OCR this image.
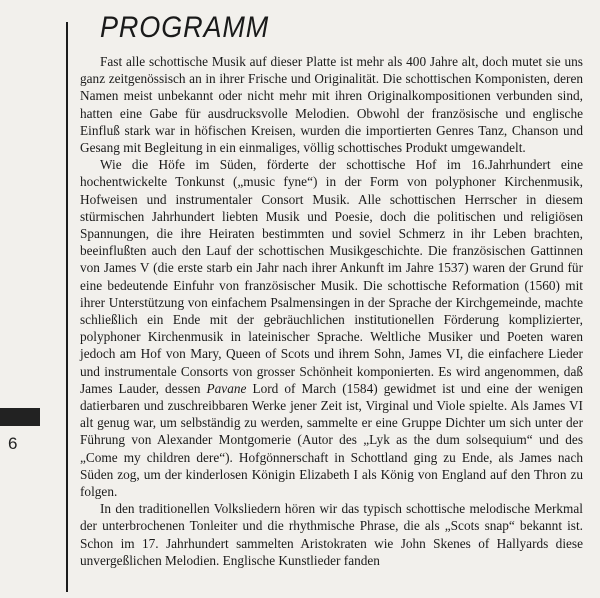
6
PROGRAMM

Fast alle schottische Musik auf dieser Platte ist mehr als 400 Jahre alt, doch mutet sie uns ganz zeitgenössisch an in ihrer Frische und Originalität. Die schottischen Komponisten, deren Namen meist unbekannt oder nicht mehr mit ihren Originalkompositionen verbunden sind, hatten eine Gabe für ausdrucksvolle Melodien. Obwohl der französische und englische Einfluß stark war in höfischen Kreisen, wurden die importierten Genres Tanz, Chanson und Gesang mit Begleitung in ein einmaliges, völlig schottisches Produkt umgewandelt.

Wie die Höfe im Süden, förderte der schottische Hof im 16.Jahrhundert eine hochentwickelte Tonkunst („music fyne“) in der Form von polyphoner Kirchenmusik, Hofweisen und instrumentaler Consort Musik. Alle schottischen Herrscher in diesem stürmischen Jahrhundert liebten Musik und Poesie, doch die politischen und religiösen Spannungen, die ihre Heiraten bestimmten und soviel Schmerz in ihr Leben brachten, beeinflußten auch den Lauf der schottischen Musikgeschichte. Die französischen Gattinnen von James V (die erste starb ein Jahr nach ihrer Ankunft im Jahre 1537) waren der Grund für eine bedeutende Einfuhr von französischer Musik. Die schottische Reformation (1560) mit ihrer Unterstützung von einfachem Psalmensingen in der Sprache der Kirchgemeinde, machte schließlich ein Ende mit der gebräuchlichen institutionellen Förderung komplizierter, polyphoner Kirchenmusik in lateinischer Sprache. Weltliche Musiker und Poeten waren jedoch am Hof von Mary, Queen of Scots und ihrem Sohn, James VI, die einfachere Lieder und instrumentale Consorts von grosser Schönheit komponierten. Es wird angenommen, daß James Lauder, dessen Pavane Lord of March (1584) gewidmet ist und eine der wenigen datierbaren und zuschreibbaren Werke jener Zeit ist, Virginal und Viole spielte. Als James VI alt genug war, um selbständig zu werden, sammelte er eine Gruppe Dichter um sich unter der Führung von Alexander Montgomerie (Autor des „Lyk as the dum solsequium“ und des „Come my children dere“). Hofgönnerschaft in Schottland ging zu Ende, als James nach Süden zog, um der kinderlosen Königin Elizabeth I als König von England auf den Thron zu folgen.

In den traditionellen Volksliedern hören wir das typisch schottische melodische Merkmal der unterbrochenen Tonleiter und die rhythmische Phrase, die als „Scots snap“ bekannt ist. Schon im 17. Jahrhundert sammelten Aristokraten wie John Skenes of Hallyards diese unvergeßlichen Melodien. Englische Kunstlieder fanden
